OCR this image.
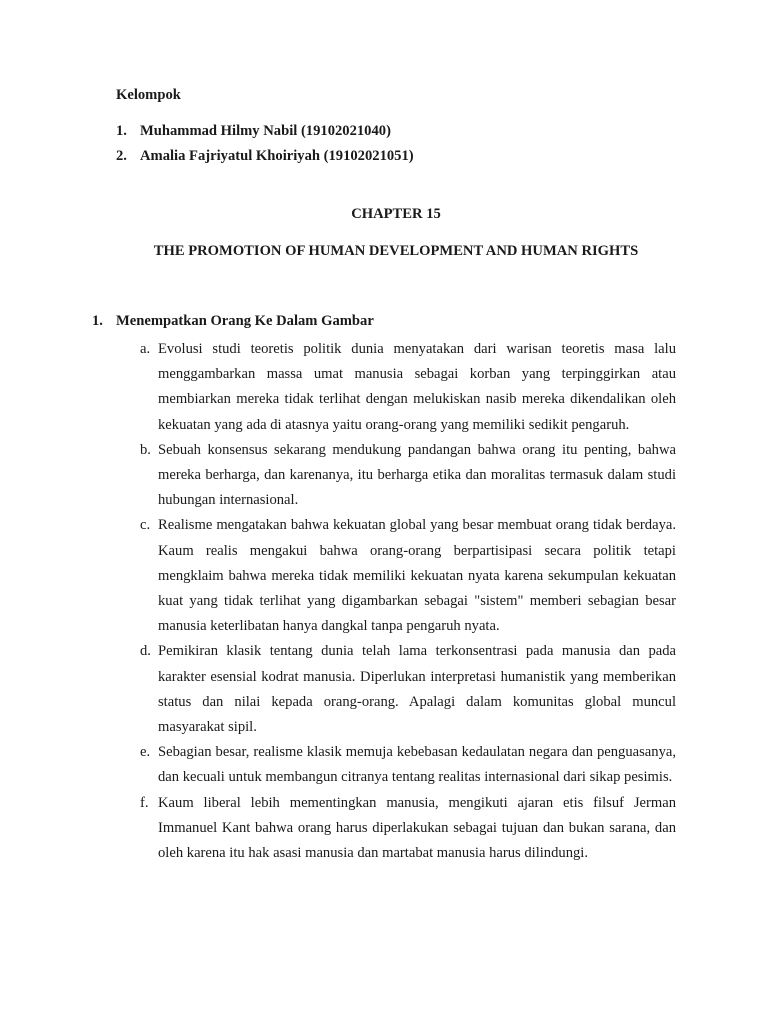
Kelompok

1. Muhammad Hilmy Nabil (19102021040)
2. Amalia Fajriyatul Khoiriyah (19102021051)

CHAPTER 15

THE PROMOTION OF HUMAN DEVELOPMENT AND HUMAN RIGHTS

1. Menempatkan Orang Ke Dalam Gambar

a. Evolusi studi teoretis politik dunia menyatakan dari warisan teoretis masa lalu menggambarkan massa umat manusia sebagai korban yang terpinggirkan atau membiarkan mereka tidak terlihat dengan melukiskan nasib mereka dikendalikan oleh kekuatan yang ada di atasnya yaitu orang-orang yang memiliki sedikit pengaruh.
b. Sebuah konsensus sekarang mendukung pandangan bahwa orang itu penting, bahwa mereka berharga, dan karenanya, itu berharga etika dan moralitas termasuk dalam studi hubungan internasional.
c. Realisme mengatakan bahwa kekuatan global yang besar membuat orang tidak berdaya. Kaum realis mengakui bahwa orang-orang berpartisipasi secara politik tetapi mengklaim bahwa mereka tidak memiliki kekuatan nyata karena sekumpulan kekuatan kuat yang tidak terlihat yang digambarkan sebagai "sistem" memberi sebagian besar manusia keterlibatan hanya dangkal tanpa pengaruh nyata.
d. Pemikiran klasik tentang dunia telah lama terkonsentrasi pada manusia dan pada karakter esensial kodrat manusia. Diperlukan interpretasi humanistik yang memberikan status dan nilai kepada orang-orang. Apalagi dalam komunitas global muncul masyarakat sipil.
e. Sebagian besar, realisme klasik memuja kebebasan kedaulatan negara dan penguasanya, dan kecuali untuk membangun citranya tentang realitas internasional dari sikap pesimis.
f. Kaum liberal lebih mementingkan manusia, mengikuti ajaran etis filsuf Jerman Immanuel Kant bahwa orang harus diperlakukan sebagai tujuan dan bukan sarana, dan oleh karena itu hak asasi manusia dan martabat manusia harus dilindungi.
